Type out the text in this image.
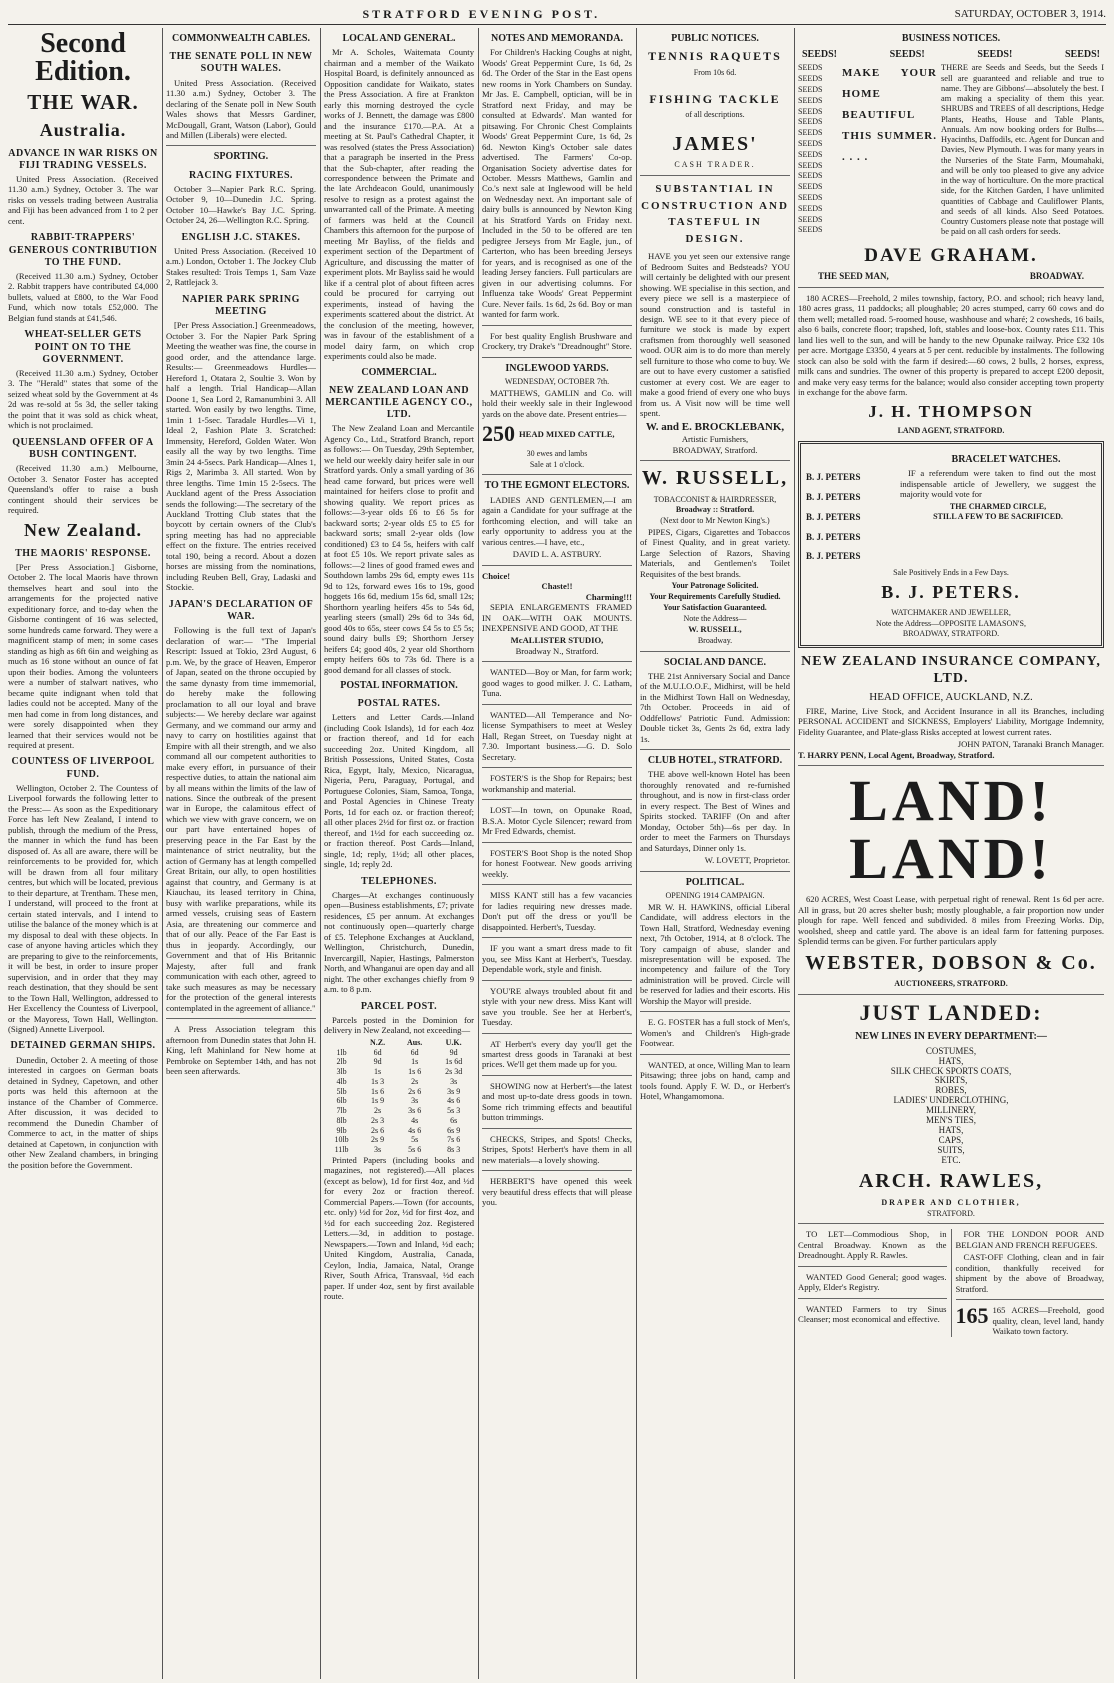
STRATFORD EVENING POST.	SATURDAY, OCTOBER 3, 1914.
Second Edition.
THE WAR.
Australia.
ADVANCE IN WAR RISKS ON FIJI TRADING VESSELS.

United Press Association. (Received 11.30 a.m.) Sydney, October 3. The war risks on vessels trading between Australia and Fiji has been advanced from 1 to 2 per cent.

RABBIT-TRAPPERS' GENEROUS CONTRIBUTION TO THE FUND.

(Received 11.30 a.m.) Sydney, October 2. Rabbit trappers have contributed £4,000 bullets, valued at £800, to the War Food Fund, which now totals £52,000. The Belgian fund stands at £41,546.

WHEAT-SELLER GETS POINT ON TO THE GOVERNMENT.

(Received 11.30 a.m.) Sydney, October 3. The "Herald" states that some of the seized wheat sold by the Government at 4s 2d was re-sold at 5s 3d, the seller taking the point that it was sold as chick wheat, which is not proclaimed.

QUEENSLAND OFFER OF A BUSH CONTINGENT.

(Received 11.30 a.m.) Melbourne, October 3. Senator Foster has accepted Queensland's offer to raise a bush contingent should their services be required.

New Zealand.
THE MAORIS' RESPONSE.

[Per Press Association.] Gisborne, October 2. The local Maoris have thrown themselves heart and soul into the arrangements for the projected native expeditionary force, and to-day when the Gisborne contingent of 16 was selected, some hundreds came forward. They were a magnificent stamp of men; in some cases standing as high as 6ft 6in and weighing as much as 16 stone without an ounce of fat upon their bodies. Among the volunteers were a number of stalwart natives, who became quite indignant when told that ladies could not be accepted. Many of the men had come in from long distances, and were sorely disappointed when they learned that their services would not be required at present.

COUNTESS OF LIVERPOOL FUND.

Wellington, October 2. The Countess of Liverpool forwards the following letter to the Press:— As soon as the Expeditionary Force has left New Zealand, I intend to publish, through the medium of the Press, the manner in which the fund has been disposed of. As all are aware, there will be reinforcements to be provided for, which will be drawn from all four military centres, but which will be located, previous to their departure, at Trentham. These men, I understand, will proceed to the front at certain stated intervals, and I intend to utilise the balance of the money which is at my disposal to deal with these objects. In case of anyone having articles which they are preparing to give to the reinforcements, it will be best, in order to insure proper supervision, and in order that they may reach destination, that they should be sent to the Town Hall, Wellington, addressed to Her Excellency the Countess of Liverpool, or the Mayoress, Town Hall, Wellington. (Signed) Annette Liverpool.

DETAINED GERMAN SHIPS.

Dunedin, October 2. A meeting of those interested in cargoes on German boats detained in Sydney, Capetown, and other ports was held this afternoon at the instance of the Chamber of Commerce. After discussion, it was decided to recommend the Dunedin Chamber of Commerce to act, in the matter of ships detained at Capetown, in conjunction with other New Zealand chambers, in bringing the position before the Government.

COMMONWEALTH CABLES.
THE SENATE POLL IN NEW SOUTH WALES.

United Press Association. (Received 11.30 a.m.) Sydney, October 3. The declaring of the Senate poll in New South Wales shows that Messrs Gardiner, McDougall, Grant, Watson (Labor), Gould and Millen (Liberals) were elected.

SPORTING.
RACING FIXTURES.

October 3—Napier Park R.C. Spring. October 9, 10—Dunedin J.C. Spring. October 10—Hawke's Bay J.C. Spring. October 24, 26—Wellington R.C. Spring.

ENGLISH J.C. STAKES.

United Press Association. (Received 10 a.m.) London, October 1. The Jockey Club Stakes resulted: Trois Temps 1, Sam Vaze 2, Rattlejack 3.

NAPIER PARK SPRING MEETING

[Per Press Association.] Greenmeadows, October 3. For the Napier Park Spring Meeting the weather was fine, the course in good order, and the attendance large. Results:— Greenmeadows Hurdles—Hereford 1, Otatara 2, Soultie 3. Won by half a length. Trial Handicap—Allan Doone 1, Sea Lord 2, Ramanumbini 3. All started. Won easily by two lengths. Time, 1min 1 1-5sec. Taradale Hurdles—Vi 1, Ideal 2, Fashion Plate 3. Scratched: Immensity, Hereford, Golden Water. Won easily all the way by two lengths. Time 3min 24 4-5secs. Park Handicap—Alnes 1, Rigs 2, Marimba 3. All started. Won by three lengths. Time 1min 15 2-5secs. The Auckland agent of the Press Association sends the following:—The secretary of the Auckland Trotting Club states that the boycott by certain owners of the Club's spring meeting has had no appreciable effect on the fixture. The entries received total 190, being a record. About a dozen horses are missing from the nominations, including Reuben Bell, Gray, Ladaski and Stockie.

JAPAN'S DECLARATION OF WAR.

Following is the full text of Japan's declaration of war:— "The Imperial Rescript: Issued at Tokio, 23rd August, 6 p.m. We, by the grace of Heaven, Emperor of Japan, seated on the throne occupied by the same dynasty from time immemorial, do hereby make the following proclamation to all our loyal and brave subjects:— We hereby declare war against Germany, and we command our army and navy to carry on hostilities against that Empire with all their strength, and we also command all our competent authorities to make every effort, in pursuance of their respective duties, to attain the national aim by all means within the limits of the law of nations. Since the outbreak of the present war in Europe, the calamitous effect of which we view with grave concern, we on our part have entertained hopes of preserving peace in the Far East by the maintenance of strict neutrality, but the action of Germany has at length compelled Great Britain, our ally, to open hostilities against that country, and Germany is at Kiauchau, its leased territory in China, busy with warlike preparations, while its armed vessels, cruising seas of Eastern Asia, are threatening our commerce and that of our ally. Peace of the Far East is thus in jeopardy. Accordingly, our Government and that of His Britannic Majesty, after full and frank communication with each other, agreed to take such measures as may be necessary for the protection of the general interests contemplated in the agreement of alliance."

A Press Association telegram this afternoon from Dunedin states that John H. King, left Mahinland for New home at Pembroke on September 14th, and has not been seen afterwards.

LOCAL AND GENERAL.

Mr A. Scholes, Waitemata County chairman and a member of the Waikato Hospital Board, is definitely announced as Opposition candidate for Waikato, states the Press Association. A fire at Frankton early this morning destroyed the cycle works of J. Bennett, the damage was £800 and the insurance £170.—P.A. At a meeting at St. Paul's Cathedral Chapter, it was resolved (states the Press Association) that a paragraph be inserted in the Press that the Sub-chapter, after reading the correspondence between the Primate and the late Archdeacon Gould, unanimously resolve to resign as a protest against the unwarranted call of the Primate. A meeting of farmers was held at the Council Chambers this afternoon for the purpose of meeting Mr Bayliss, of the fields and experiment section of the Department of Agriculture, and discussing the matter of experiment plots. Mr Bayliss said he would like if a central plot of about fifteen acres could be procured for carrying out experiments, instead of having the experiments scattered about the district. At the conclusion of the meeting, however, was in favour of the establishment of a model dairy farm, on which crop experiments could also be made.

COMMERCIAL.
NEW ZEALAND LOAN AND MERCANTILE AGENCY CO., LTD.

The New Zealand Loan and Mercantile Agency Co., Ltd., Stratford Branch, report as follows:— On Tuesday, 29th September, we held our weekly dairy heifer sale in our Stratford yards. Only a small yarding of 36 head came forward, but prices were well maintained for heifers close to profit and showing quality. We report prices as follows:—3-year olds £6 to £6 5s for backward sorts; 2-year olds £5 to £5 for backward sorts; small 2-year olds (low conditioned) £3 to £4 5s, heifers with calf at foot £5 10s. We report private sales as follows:—2 lines of good framed ewes and Southdown lambs 29s 6d, empty ewes 11s 9d to 12s, forward ewes 16s to 19s, good hoggets 16s 6d, medium 15s 6d, small 12s; Shorthorn yearling heifers 45s to 54s 6d, yearling steers (small) 29s 6d to 34s 6d, good 40s to 65s, steer cows £4 5s to £5 5s; sound dairy bulls £9; Shorthorn Jersey heifers £4; good 40s, 2 year old Shorthorn empty heifers 60s to 73s 6d. There is a good demand for all classes of stock.

POSTAL INFORMATION.
POSTAL RATES.

Letters and Letter Cards.—Inland (including Cook Islands), 1d for each 4oz or fraction thereof, and 1d for each succeeding 2oz. United Kingdom, all British Possessions, United States, Costa Rica, Egypt, Italy, Mexico, Nicaragua, Nigeria, Peru, Paraguay, Portugal, and Portuguese Colonies, Siam, Samoa, Tonga, and Postal Agencies in Chinese Treaty Ports, 1d for each oz. or fraction thereof; all other places 2½d for first oz. or fraction thereof, and 1½d for each succeeding oz. or fraction thereof. Post Cards—Inland, single, 1d; reply, 1½d; all other places, single, 1d; reply 2d.

TELEPHONES.

Charges—At exchanges continuously open—Business establishments, £7; private residences, £5 per annum. At exchanges not continuously open—quarterly charge of £5. Telephone Exchanges at Auckland, Wellington, Christchurch, Dunedin, Invercargill, Napier, Hastings, Palmerston North, and Whanganui are open day and all night. The other exchanges chiefly from 9 a.m. to 8 p.m.

PARCEL POST.

Parcels posted in the Dominion for delivery in New Zealand, not exceeding—

	N.Z.	Aus.	U.K.
1lb	6d	6d	9d
2lb	9d	1s	1s 6d
3lb	1s	1s 6	2s 3d
4lb	1s 3	2s	3s
5lb	1s 6	2s 6	3s 9
6lb	1s 9	3s	4s 6
7lb	2s	3s 6	5s 3
8lb	2s 3	4s	6s
9lb	2s 6	4s 6	6s 9
10lb	2s 9	5s	7s 6
11lb	3s	5s 6	8s 3

Printed Papers (including books and magazines, not registered).—All places (except as below), 1d for first 4oz, and ½d for every 2oz or fraction thereof. Commercial Papers.—Town (for accounts, etc. only) ½d for 2oz, ½d for first 4oz, and ½d for each succeeding 2oz. Registered Letters.—3d, in addition to postage. Newspapers.—Town and Inland, ½d each; United Kingdom, Australia, Canada, Ceylon, India, Jamaica, Natal, Orange River, South Africa, Transvaal, ½d each paper. If under 4oz, sent by first available route.

NOTES AND MEMORANDA.

For Children's Hacking Coughs at night, Woods' Great Peppermint Cure, 1s 6d, 2s 6d. The Order of the Star in the East opens new rooms in York Chambers on Sunday. Mr Jas. E. Campbell, optician, will be in Stratford next Friday, and may be consulted at Edwards'. Man wanted for pitsawing. For Chronic Chest Complaints Woods' Great Peppermint Cure, 1s 6d, 2s 6d. Newton King's October sale dates advertised. The Farmers' Co-op. Organisation Society advertise dates for October. Messrs Matthews, Gamlin and Co.'s next sale at Inglewood will be held on Wednesday next. An important sale of dairy bulls is announced by Newton King at his Stratford Yards on Friday next. Included in the 50 to be offered are ten pedigree Jerseys from Mr Eagle, jun., of Carterton, who has been breeding Jerseys for years, and is recognised as one of the leading Jersey fanciers. Full particulars are given in our advertising columns. For Influenza take Woods' Great Peppermint Cure. Never fails. 1s 6d, 2s 6d. Boy or man wanted for farm work.

For best quality English Brushware and Crockery, try Drake's "Dreadnought" Store.

INGLEWOOD YARDS.
WEDNESDAY, OCTOBER 7th.

MATTHEWS, GAMLIN and Co. will hold their weekly sale in their Inglewood yards on the above date. Present entries—

250 HEAD MIXED CATTLE,
30 ewes and lambs
Sale at 1 o'clock.
TO THE EGMONT ELECTORS.

LADIES AND GENTLEMEN,—I am again a Candidate for your suffrage at the forthcoming election, and will take an early opportunity to address you at the various centres.—I have, etc.,

DAVID L. A. ASTBURY.
Choice!
Chaste!!
Charming!!!

SEPIA ENLARGEMENTS FRAMED IN OAK—WITH OAK MOUNTS. INEXPENSIVE AND GOOD, AT THE

McALLISTER STUDIO,
Broadway N., Stratford.

WANTED—Boy or Man, for farm work; good wages to good milker. J. C. Latham, Tuna.

WANTED—All Temperance and No-license Sympathisers to meet at Wesley Hall, Regan Street, on Tuesday night at 7.30. Important business.—G. D. Solo Secretary.

FOSTER'S is the Shop for Repairs; best workmanship and material.

LOST—In town, on Opunake Road, B.S.A. Motor Cycle Silencer; reward from Mr Fred Edwards, chemist.

FOSTER'S Boot Shop is the noted Shop for honest Footwear. New goods arriving weekly.

MISS KANT still has a few vacancies for ladies requiring new dresses made. Don't put off the dress or you'll be disappointed. Herbert's, Tuesday.

IF you want a smart dress made to fit you, see Miss Kant at Herbert's, Tuesday. Dependable work, style and finish.

YOU'RE always troubled about fit and style with your new dress. Miss Kant will save you trouble. See her at Herbert's, Tuesday.

AT Herbert's every day you'll get the smartest dress goods in Taranaki at best prices. We'll get them made up for you.

SHOWING now at Herbert's—the latest and most up-to-date dress goods in town. Some rich trimming effects and beautiful button trimmings.

CHECKS, Stripes, and Spots! Checks, Stripes, Spots! Herbert's have them in all new materials—a lovely showing.

HERBERT'S have opened this week very beautiful dress effects that will please you.

PUBLIC NOTICES.
TENNIS RAQUETS
From 10s 6d.
FISHING TACKLE
of all descriptions.
JAMES'
CASH TRADER.
SUBSTANTIAL IN CONSTRUCTION AND TASTEFUL IN DESIGN.

HAVE you yet seen our extensive range of Bedroom Suites and Bedsteads? YOU will certainly be delighted with our present showing. WE specialise in this section, and every piece we sell is a masterpiece of sound construction and is tasteful in design. WE see to it that every piece of furniture we stock is made by expert craftsmen from thoroughly well seasoned wood. OUR aim is to do more than merely sell furniture to those who come to buy. We are out to have every customer a satisfied customer at every cost. We are eager to make a good friend of every one who buys from us. A Visit now will be time well spent.

W. and E. BROCKLEBANK,
Artistic Furnishers,
BROADWAY, Stratford.
W. RUSSELL,
TOBACCONIST & HAIRDRESSER,
Broadway :: Stratford.
(Next door to Mr Newton King's.)

PIPES, Cigars, Cigarettes and Tobaccos of Finest Quality, and in great variety. Large Selection of Razors, Shaving Materials, and Gentlemen's Toilet Requisites of the best brands.

Your Patronage Solicited.
Your Requirements Carefully Studied.
Your Satisfaction Guaranteed.
Note the Address—
W. RUSSELL,
Broadway.
SOCIAL AND DANCE.

THE 21st Anniversary Social and Dance of the M.U.I.O.O.F., Midhirst, will be held in the Midhirst Town Hall on Wednesday, 7th October. Proceeds in aid of Oddfellows' Patriotic Fund. Admission: Double ticket 3s, Gents 2s 6d, extra lady 1s.

CLUB HOTEL, STRATFORD.

THE above well-known Hotel has been thoroughly renovated and re-furnished throughout, and is now in first-class order in every respect. The Best of Wines and Spirits stocked. TARIFF (On and after Monday, October 5th)—6s per day. In order to meet the Farmers on Thursdays and Saturdays, Dinner only 1s.

W. LOVETT, Proprietor.
POLITICAL.
OPENING 1914 CAMPAIGN.

MR W. H. HAWKINS, official Liberal Candidate, will address electors in the Town Hall, Stratford, Wednesday evening next, 7th October, 1914, at 8 o'clock. The Tory campaign of abuse, slander and misrepresentation will be exposed. The incompetency and failure of the Tory administration will be proved. Circle will be reserved for ladies and their escorts. His Worship the Mayor will preside.

E. G. FOSTER has a full stock of Men's, Women's and Children's High-grade Footwear.

WANTED, at once, Willing Man to learn Pitsawing; three jobs on hand, camp and tools found. Apply F. W. D., or Herbert's Hotel, Whangamomona.

BUSINESS NOTICES.
SEEDS!	SEEDS!	SEEDS!	SEEDS!
SEEDS
SEEDS
SEEDS
SEEDS
SEEDS
SEEDS
SEEDS
SEEDS
SEEDS
SEEDS
SEEDS
SEEDS
SEEDS
SEEDS
SEEDS
SEEDS
MAKE YOUR HOME BEAUTIFUL THIS SUMMER. . . . .
THERE are Seeds and Seeds, but the Seeds I sell are guaranteed and reliable and true to name. They are Gibbons'—absolutely the best. I am making a speciality of them this year. SHRUBS and TREES of all descriptions, Hedge Plants, Heaths, House and Table Plants, Annuals. Am now booking orders for Bulbs—Hyacinths, Daffodils, etc. Agent for Duncan and Davies, New Plymouth. I was for many years in the Nurseries of the State Farm, Moumahaki, and will be only too pleased to give any advice in the way of horticulture. On the more practical side, for the Kitchen Garden, I have unlimited quantities of Cabbage and Cauliflower Plants, and seeds of all kinds. Also Seed Potatoes. Country Customers please note that postage will be paid on all cash orders for seeds.
DAVE GRAHAM.
THE SEED MAN,	BROADWAY.

180 ACRES—Freehold, 2 miles township, factory, P.O. and school; rich heavy land, 180 acres grass, 11 paddocks; all ploughable; 20 acres stumped, carry 60 cows and do them well; metalled road. 5-roomed house, washhouse and wharé; 2 cowsheds, 16 bails, also 6 bails, concrete floor; trapshed, loft, stables and loose-box. County rates £11. This land lies well to the sun, and will be handy to the new Opunake railway. Price £32 10s per acre. Mortgage £3350, 4 years at 5 per cent. reducible by instalments. The following stock can also be sold with the farm if desired:—60 cows, 2 bulls, 2 horses, express, milk cans and sundries. The owner of this property is prepared to accept £200 deposit, and make very easy terms for the balance; would also consider accepting town property in exchange for the above farm.

J. H. THOMPSON
LAND AGENT, STRATFORD.
BRACELET WATCHES.
B. J. PETERS
B. J. PETERS
B. J. PETERS
B. J. PETERS
B. J. PETERS

IF a referendum were taken to find out the most indispensable article of Jewellery, we suggest the majority would vote for

THE CHARMED CIRCLE,
STILL A FEW TO BE SACRIFICED.
Sale Positively Ends in a Few Days.
B. J. PETERS.
WATCHMAKER AND JEWELLER,
Note the Address—OPPOSITE LAMASON'S,
BROADWAY, STRATFORD.
NEW ZEALAND INSURANCE COMPANY, LTD.
HEAD OFFICE, AUCKLAND, N.Z.

FIRE, Marine, Live Stock, and Accident Insurance in all its Branches, including PERSONAL ACCIDENT and SICKNESS, Employers' Liability, Mortgage Indemnity, Fidelity Guarantee, and Plate-glass Risks accepted at lowest current rates.

JOHN PATON, Taranaki Branch Manager.
T. HARRY PENN, Local Agent, Broadway, Stratford.
LAND! LAND!

620 ACRES, West Coast Lease, with perpetual right of renewal. Rent 1s 6d per acre. All in grass, but 20 acres shelter bush; mostly ploughable, a fair proportion now under plough for rape. Well fenced and subdivided. 8 miles from Freezing Works. Dip, woolshed, sheep and cattle yard. The above is an ideal farm for fattening purposes. Splendid terms can be given. For further particulars apply

WEBSTER, DOBSON & Co.
AUCTIONEERS, STRATFORD.
JUST LANDED:
NEW LINES IN EVERY DEPARTMENT:—
COSTUMES,
HATS,
SILK CHECK SPORTS COATS,
SKIRTS,
ROBES,
LADIES' UNDERCLOTHING,
MILLINERY,
MEN'S TIES,
HATS,
CAPS,
SUITS,
ETC.
ARCH. RAWLES,
DRAPER AND CLOTHIER,
STRATFORD.

TO LET—Commodious Shop, in Central Broadway. Known as the Dreadnought. Apply R. Rawles.

WANTED Good General; good wages. Apply, Elder's Registry.

WANTED Farmers to try Sinus Cleanser; most economical and effective.

FOR THE LONDON POOR AND BELGIAN AND FRENCH REFUGEES.

CAST-OFF Clothing, clean and in fair condition, thankfully received for shipment by the above of Broadway, Stratford.

165 165 ACRES—Freehold, good quality, clean, level land, handy Waikato town factory.
